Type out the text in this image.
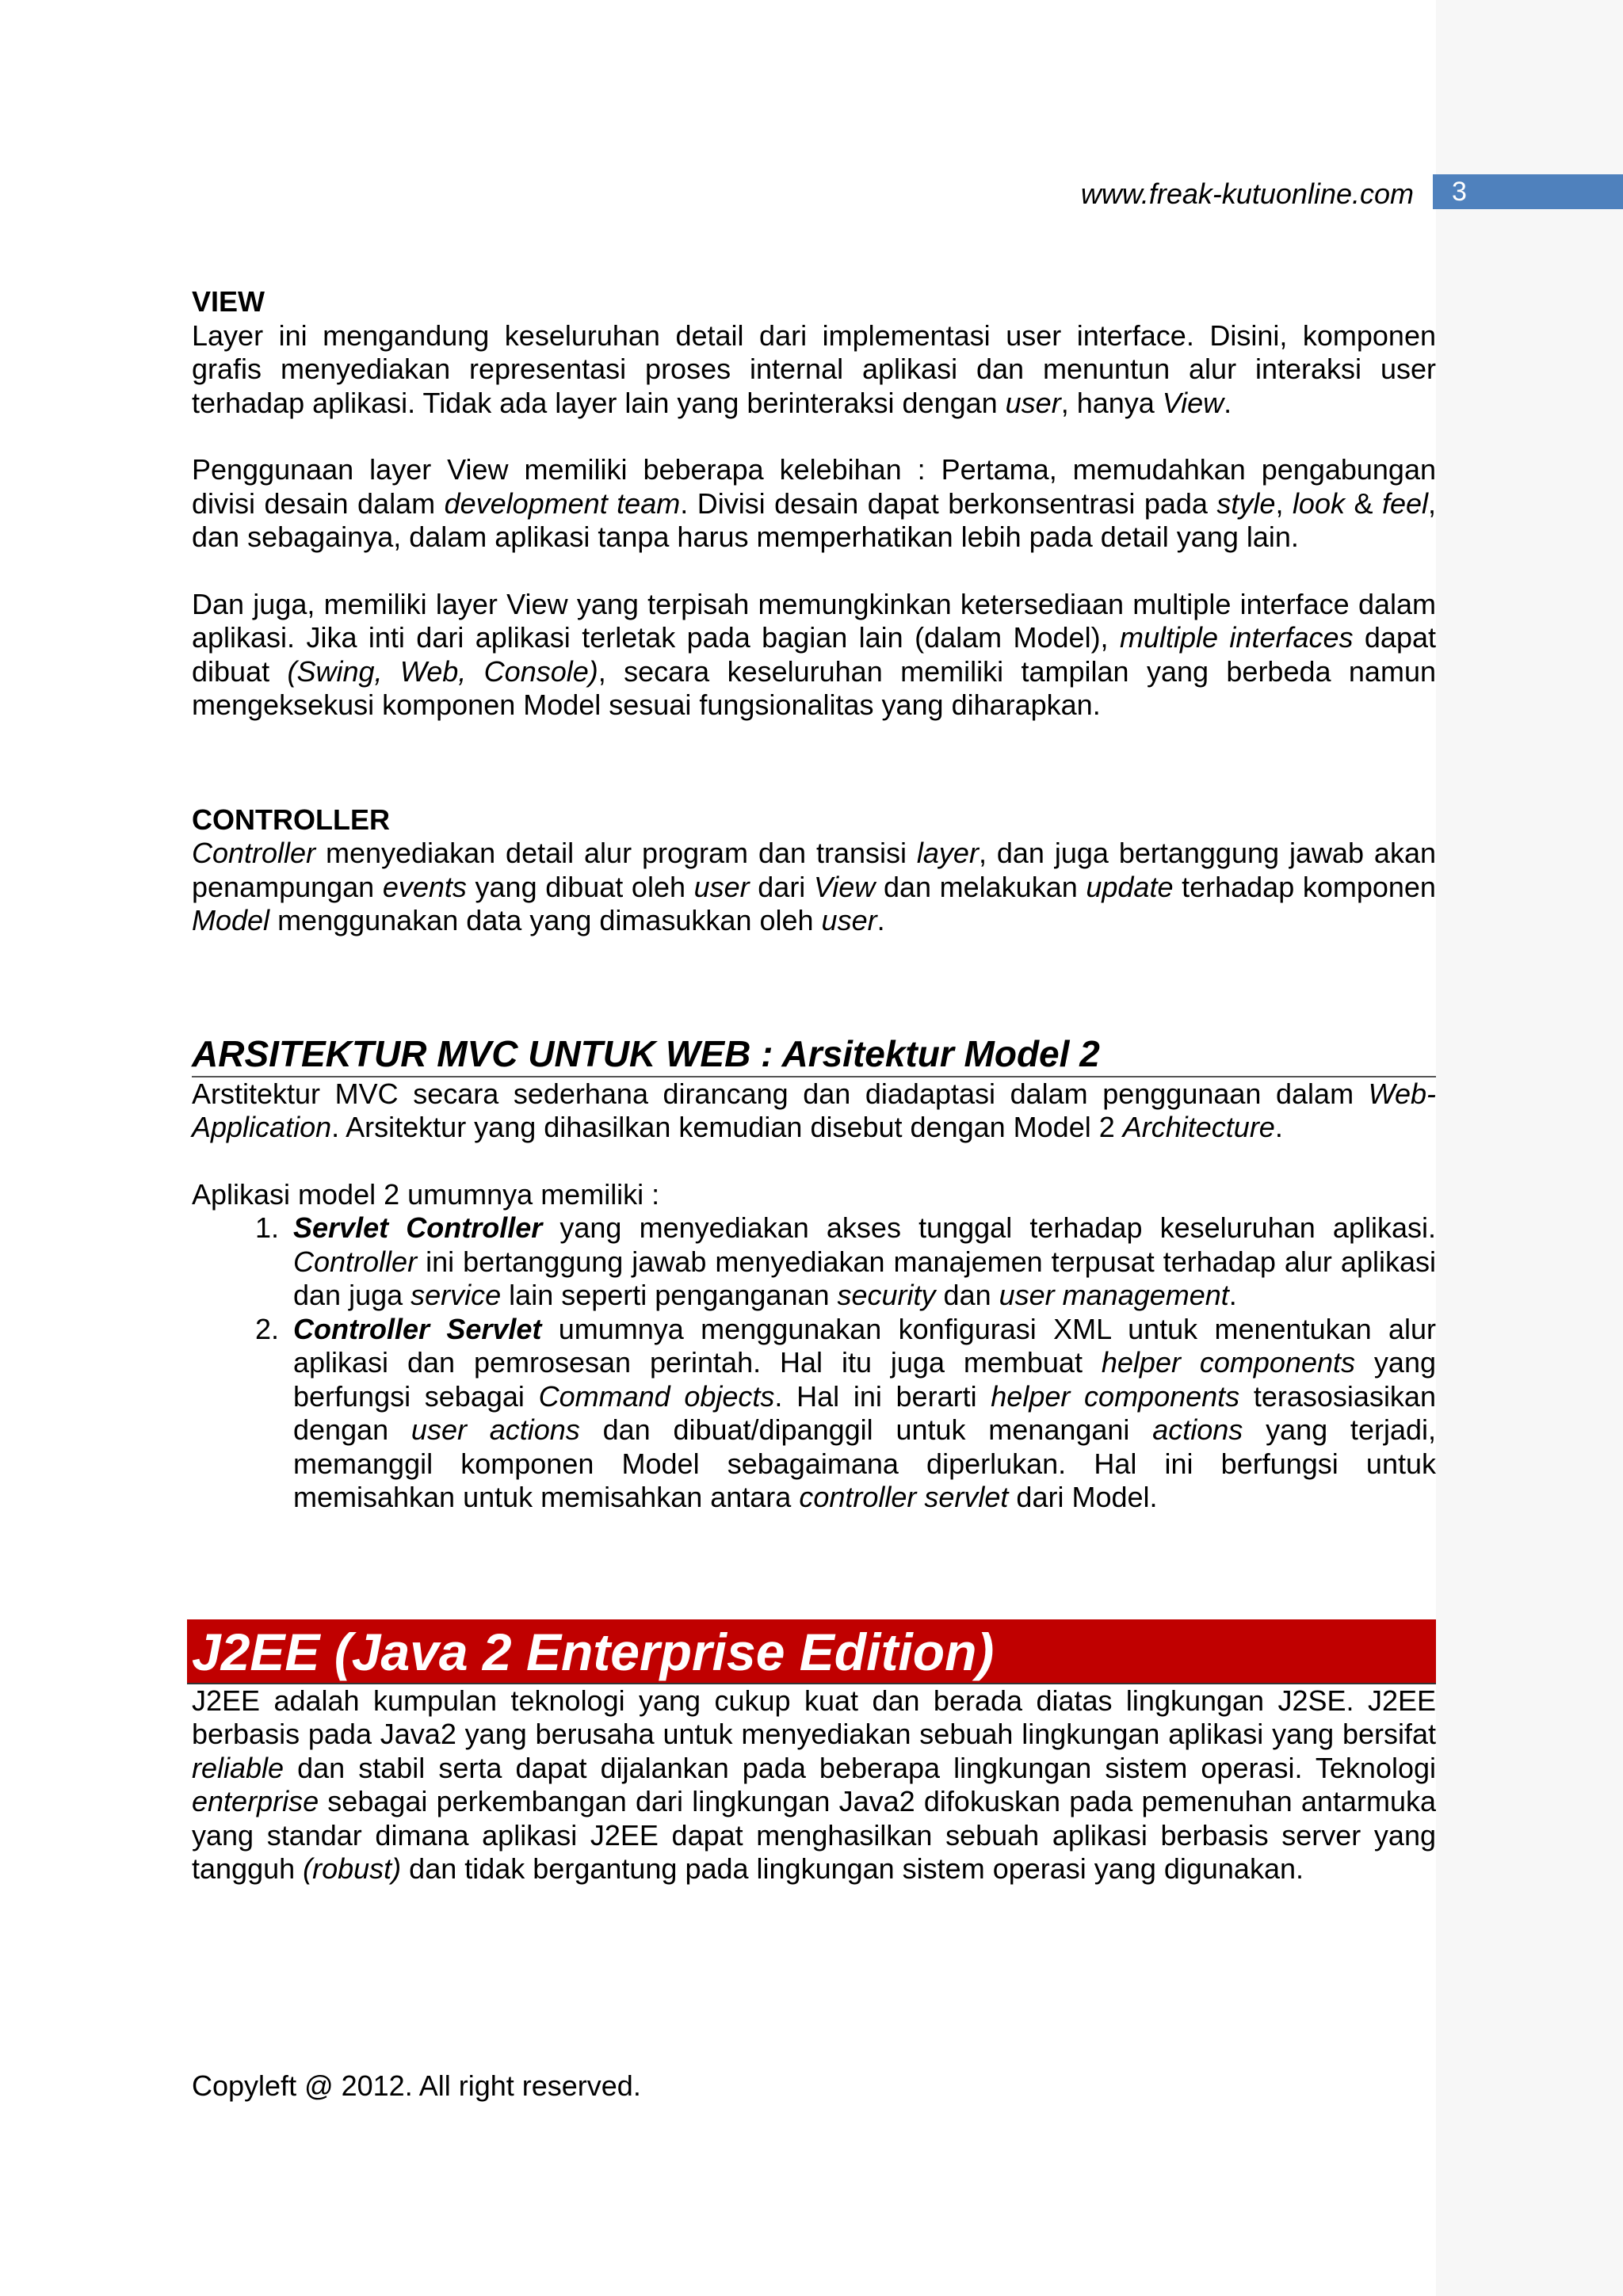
www.freak-kutuonline.com 3
VIEW

Layer ini mengandung keseluruhan detail dari implementasi user interface. Disini, komponen grafis menyediakan representasi proses internal aplikasi dan menuntun alur interaksi user terhadap aplikasi. Tidak ada layer lain yang berinteraksi dengan user, hanya View.

Penggunaan layer View memiliki beberapa kelebihan : Pertama, memudahkan pengabungan divisi desain dalam development team. Divisi desain dapat berkonsentrasi pada style, look & feel, dan sebagainya, dalam aplikasi tanpa harus memperhatikan lebih pada detail yang lain.

Dan juga, memiliki layer View yang terpisah memungkinkan ketersediaan multiple interface dalam aplikasi. Jika inti dari aplikasi terletak pada bagian lain (dalam Model), multiple interfaces dapat dibuat (Swing, Web, Console), secara keseluruhan memiliki tampilan yang berbeda namun mengeksekusi komponen Model sesuai fungsionalitas yang diharapkan.

CONTROLLER

Controller menyediakan detail alur program dan transisi layer, dan juga bertanggung jawab akan penampungan events yang dibuat oleh user dari View dan melakukan update terhadap komponen Model menggunakan data yang dimasukkan oleh user.

ARSITEKTUR MVC UNTUK WEB : Arsitektur Model 2

Arstitektur MVC secara sederhana dirancang dan diadaptasi dalam penggunaan dalam Web-Application. Arsitektur yang dihasilkan kemudian disebut dengan Model 2 Architecture.

Aplikasi model 2 umumnya memiliki :

1. Servlet Controller yang menyediakan akses tunggal terhadap keseluruhan aplikasi. Controller ini bertanggung jawab menyediakan manajemen terpusat terhadap alur aplikasi dan juga service lain seperti penganganan security dan user management.
2. Controller Servlet umumnya menggunakan konfigurasi XML untuk menentukan alur aplikasi dan pemrosesan perintah. Hal itu juga membuat helper components yang berfungsi sebagai Command objects. Hal ini berarti helper components terasosiasikan dengan user actions dan dibuat/dipanggil untuk menangani actions yang terjadi, memanggil komponen Model sebagaimana diperlukan. Hal ini berfungsi untuk memisahkan untuk memisahkan antara controller servlet dari Model.
J2EE (Java 2 Enterprise Edition)

J2EE adalah kumpulan teknologi yang cukup kuat dan berada diatas lingkungan J2SE. J2EE berbasis pada Java2 yang berusaha untuk menyediakan sebuah lingkungan aplikasi yang bersifat reliable dan stabil serta dapat dijalankan pada beberapa lingkungan sistem operasi. Teknologi enterprise sebagai perkembangan dari lingkungan Java2 difokuskan pada pemenuhan antarmuka yang standar dimana aplikasi J2EE dapat menghasilkan sebuah aplikasi berbasis server yang tangguh (robust) dan tidak bergantung pada lingkungan sistem operasi yang digunakan.

Copyleft @ 2012. All right reserved.
